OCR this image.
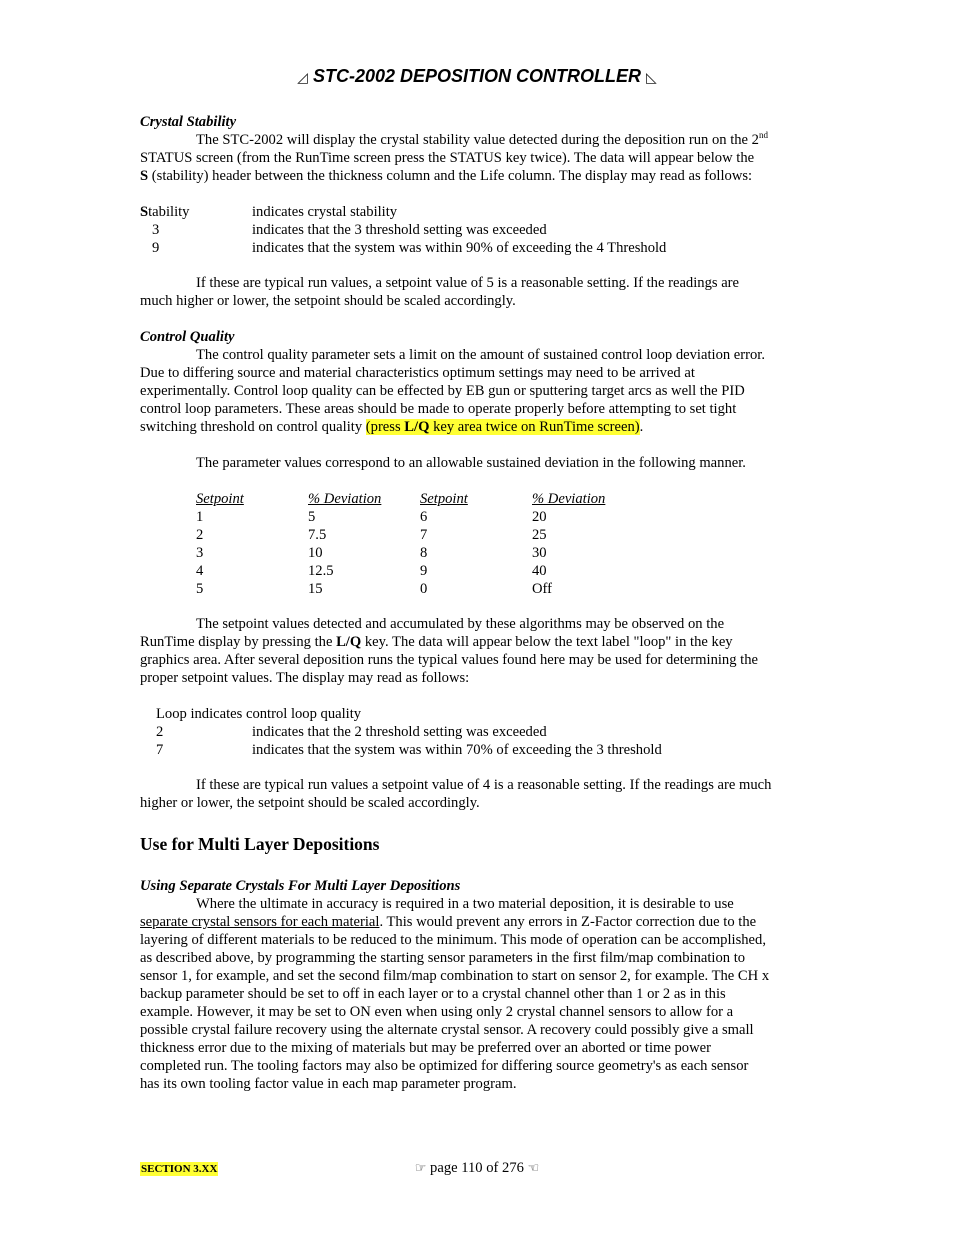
◿ STC-2002 DEPOSITION CONTROLLER ◺

Crystal Stability

The STC-2002 will display the crystal stability value detected during the deposition run on the 2nd

STATUS screen (from the RunTime screen press the STATUS key twice). The data will appear below the

S (stability) header between the thickness column and the Life column. The display may read as follows:

Stability	indicates crystal stability
3	indicates that the 3 threshold setting was exceeded
9	indicates that the system was within 90% of exceeding the 4 Threshold

If these are typical run values, a setpoint value of 5 is a reasonable setting. If the readings are

much higher or lower, the setpoint should be scaled accordingly.

Control Quality

The control quality parameter sets a limit on the amount of sustained control loop deviation error.

Due to differing source and material characteristics optimum settings may need to be arrived at

experimentally. Control loop quality can be effected by EB gun or sputtering target arcs as well the PID

control loop parameters. These areas should be made to operate properly before attempting to set tight

switching threshold on control quality (press L/Q key area twice on RunTime screen).

The parameter values correspond to an allowable sustained deviation in the following manner.

Setpoint	% Deviation	Setpoint	% Deviation
1	5	6	20
2	7.5	7	25
3	10	8	30
4	12.5	9	40
5	15	0	Off

The setpoint values detected and accumulated by these algorithms may be observed on the

RunTime display by pressing the L/Q key. The data will appear below the text label "loop" in the key

graphics area. After several deposition runs the typical values found here may be used for determining the

proper setpoint values. The display may read as follows:

Loop indicates control loop quality

2	indicates that the 2 threshold setting was exceeded
7	indicates that the system was within 70% of exceeding the 3 threshold

If these are typical run values a setpoint value of 4 is a reasonable setting. If the readings are much

higher or lower, the setpoint should be scaled accordingly.

Use for Multi Layer Depositions

Using Separate Crystals For Multi Layer Depositions

Where the ultimate in accuracy is required in a two material deposition, it is desirable to use

separate crystal sensors for each material. This would prevent any errors in Z-Factor correction due to the

layering of different materials to be reduced to the minimum. This mode of operation can be accomplished,

as described above, by programming the starting sensor parameters in the first film/map combination to

sensor 1, for example, and set the second film/map combination to start on sensor 2, for example. The CH x

backup parameter should be set to off in each layer or to a crystal channel other than 1 or 2 as in this

example. However, it may be set to ON even when using only 2 crystal channel sensors to allow for a

possible crystal failure recovery using the alternate crystal sensor. A recovery could possibly give a small

thickness error due to the mixing of materials but may be preferred over an aborted or time power

completed run. The tooling factors may also be optimized for differing source geometry's as each sensor

has its own tooling factor value in each map parameter program.

SECTION 3.XX	☞ page 110 of 276 ☜
